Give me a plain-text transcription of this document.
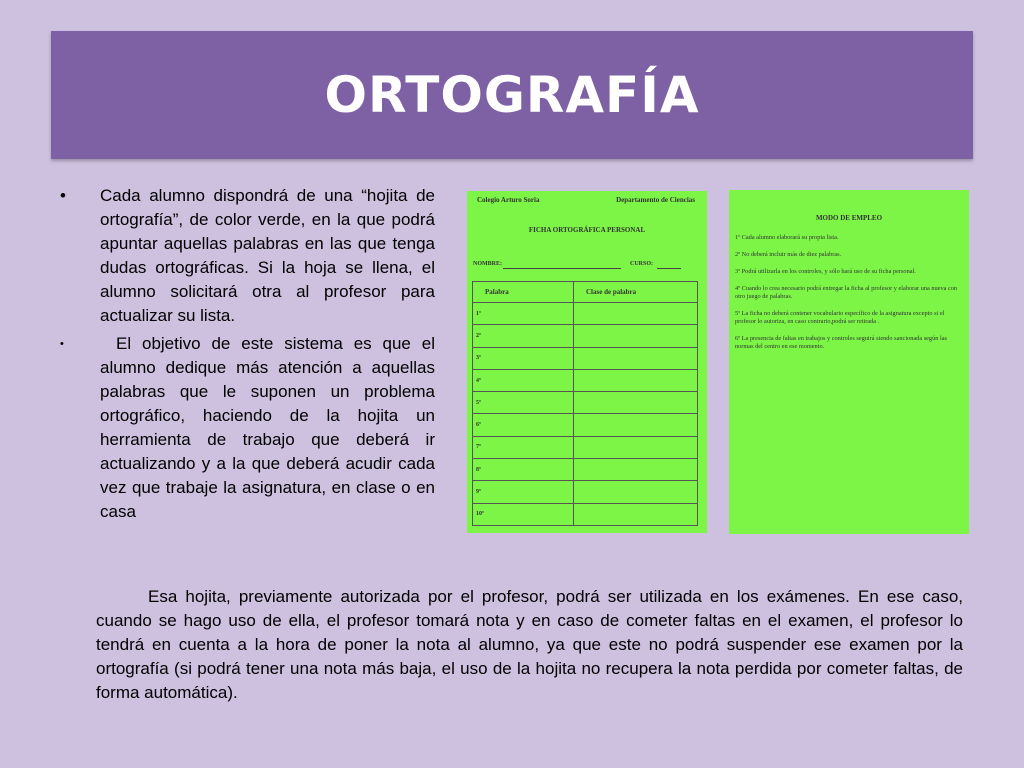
ORTOGRAFÍA
•	Cada alumno dispondrá de una “hojita de ortografía”, de color verde, en la que podrá apuntar aquellas palabras en las que tenga dudas ortográficas. Si la hoja se llena, el alumno solicitará otra al profesor para actualizar su lista.
•	El objetivo de este sistema es que el alumno dedique más atención a aquellas palabras que le suponen un problema ortográfico, haciendo de la hojita un herramienta de trabajo que deberá ir actualizando y a la que deberá acudir cada vez que trabaje la asignatura, en clase o en casa
Colegio Arturo Soria	Departamento de Ciencias
FICHA ORTOGRÁFICA PERSONAL
NOMBRE:	CURSO:
Palabra	Clase de palabra
1º	
2º	
3º	
4º	
5º	
6º	
7º	
8º	
9º	
10º	
MODO DE EMPLEO
1º Cada alumno elaborará su propia lista.
2º No deberá incluir más de diez palabras.
3º Podrá utilizarla en los controles, y sólo hará uso de su ficha personal.
4º Cuando lo crea necesario podrá entregar la ficha al profesor y elaborar una nueva con otro juego de palabras.
5º La ficha no deberá contener vocabulario específico de la asignatura excepto si el profesor lo autoriza, en caso contrario,podrá ser retirada .
6º La presencia de faltas en trabajos y controles seguirá siendo sancionada según las normas del centro en ese momento.
Esa hojita, previamente autorizada por el profesor, podrá ser utilizada en los exámenes. En ese caso, cuando se hago uso de ella, el profesor tomará nota y en caso de cometer faltas en el examen, el profesor lo tendrá en cuenta a la hora de poner la nota al alumno, ya que este no podrá suspender ese examen por la ortografía (si podrá tener una nota más baja, el uso de la hojita no recupera la nota perdida por cometer faltas, de forma automática).
